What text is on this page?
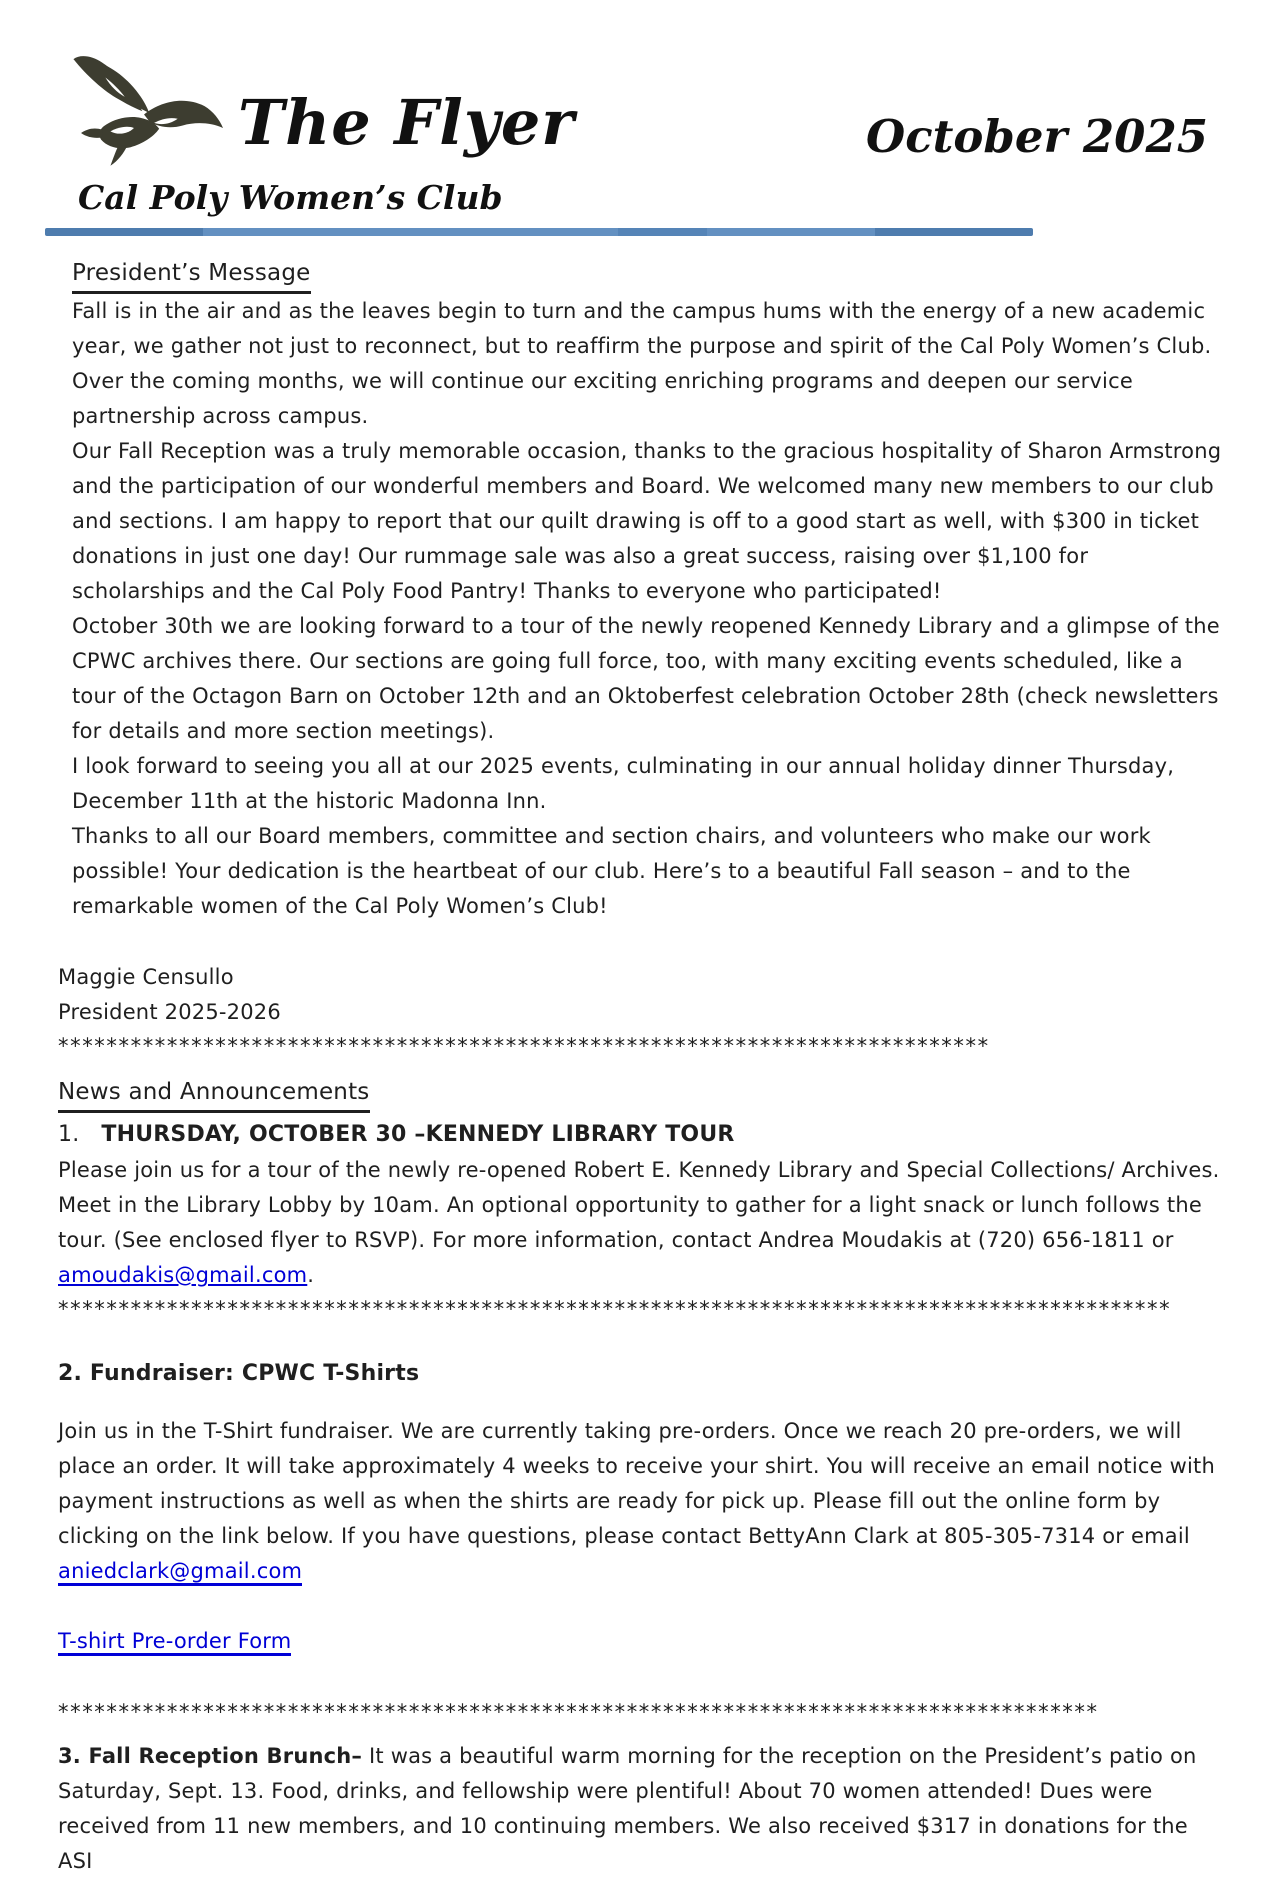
The Flyer	October 2025
Cal Poly Women’s Club
President’s Message

Fall is in the air and as the leaves begin to turn and the campus hums with the energy of a new academic year, we gather not just to reconnect, but to reaffirm the purpose and spirit of the Cal Poly Women’s Club. Over the coming months, we will continue our exciting enriching programs and deepen our service partnership across campus.

Our Fall Reception was a truly memorable occasion, thanks to the gracious hospitality of Sharon Armstrong and the participation of our wonderful members and Board. We welcomed many new members to our club and sections. I am happy to report that our quilt drawing is off to a good start as well, with $300 in ticket donations in just one day! Our rummage sale was also a great success, raising over $1,100 for scholarships and the Cal Poly Food Pantry! Thanks to everyone who participated!

October 30th we are looking forward to a tour of the newly reopened Kennedy Library and a glimpse of the CPWC archives there. Our sections are going full force, too, with many exciting events scheduled, like a tour of the Octagon Barn on October 12th and an Oktoberfest celebration October 28th (check newsletters for details and more section meetings).

I look forward to seeing you all at our 2025 events, culminating in our annual holiday dinner Thursday, December 11th at the historic Madonna Inn.

Thanks to all our Board members, committee and section chairs, and volunteers who make our work possible! Your dedication is the heartbeat of our club. Here’s to a beautiful Fall season – and to the remarkable women of the Cal Poly Women’s Club!

Maggie Censullo

President 2025-2026

*****************************************************************************

News and Announcements

1. THURSDAY, OCTOBER 30 –KENNEDY LIBRARY TOUR

Please join us for a tour of the newly re-opened Robert E. Kennedy Library and Special Collections/ Archives. Meet in the Library Lobby by 10am. An optional opportunity to gather for a light snack or lunch follows the tour. (See enclosed flyer to RSVP). For more information, contact Andrea Moudakis at (720) 656-1811 or amoudakis@gmail.com.

********************************************************************************************

2. Fundraiser: CPWC T-Shirts

Join us in the T-Shirt fundraiser. We are currently taking pre-orders. Once we reach 20 pre-orders, we will place an order. It will take approximately 4 weeks to receive your shirt. You will receive an email notice with payment instructions as well as when the shirts are ready for pick up. Please fill out the online form by clicking on the link below. If you have questions, please contact BettyAnn Clark at 805-305-7314 or email

aniedclark@gmail.com

T-shirt Pre-order Form

**************************************************************************************

3. Fall Reception Brunch– It was a beautiful warm morning for the reception on the President’s patio on Saturday, Sept. 13. Food, drinks, and fellowship were plentiful! About 70 women attended! Dues were received from 11 new members, and 10 continuing members. We also received $317 in donations for the ASI
